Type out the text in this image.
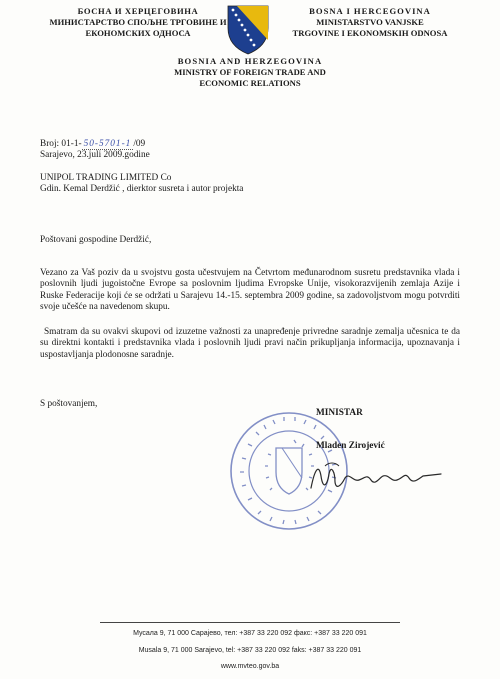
БОСНА И ХЕРЦЕГОВИНА
МИНИСТАРСТВО СПОЉНЕ ТРГОВИНЕ И
ЕКОНОМСКИХ ОДНОСА
BOSNA I HERCEGOVINA
MINISTARSTVO VANJSKE
TRGOVINE I EKONOMSKIH ODNOSA
BOSNIA AND HERZEGOVINA
MINISTRY OF FOREIGN TRADE AND
ECONOMIC RELATIONS
Broj: 01-1- 50-5701-1 /09
Sarajevo, 23.juli 2009.godine
UNIPOL TRADING LIMITED Co
Gdin. Kemal Derdžić , dierktor susreta i autor projekta
Poštovani gospodine Derdžić,
Vezano za Vaš poziv da u svojstvu gosta učestvujem na Četvrtom međunarodnom susretu predstavnika vlada i poslovnih ljudi jugoistočne Evrope sa poslovnim ljudima Evropske Unije, visokorazvijenih zemlaja Azije i Ruske Federacije koji će se održati u Sarajevu 14.-15. septembra 2009 godine, sa zadovoljstvom mogu potvrditi svoje učešće na navedenom skupu.
Smatram da su ovakvi skupovi od izuzetne važnosti za unapređenje privredne saradnje zemalja učesnica te da su direktni kontakti i predstavnika vlada i poslovnih ljudi pravi način prikupljanja informacija, upoznavanja i uspostavljanja plodonosne saradnje.
S poštovanjem,
MINISTAR
Mladen Zirojević
Мусала 9, 71 000 Сарајево, тел: +387 33 220 092 факс: +387 33 220 091
Musala 9, 71 000 Sarajevo, tel: +387 33 220 092 faks: +387 33 220 091
www.mvteo.gov.ba
